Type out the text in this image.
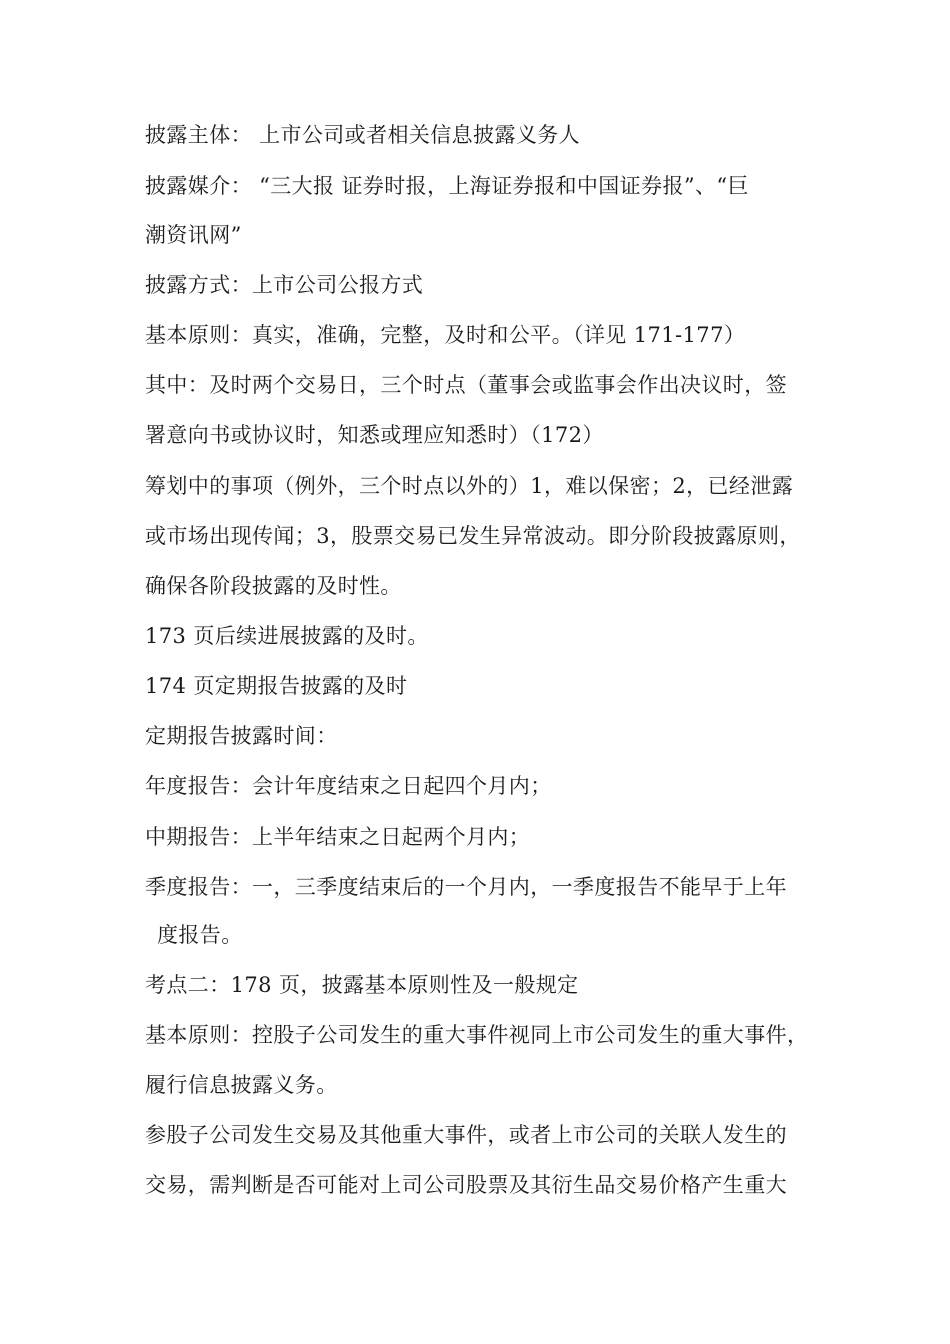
披露主体： 上市公司或者相关信息披露义务人
披露媒介： “三大报 证券时报，上海证券报和中国证券报”、“巨
潮资讯网”
披露方式：上市公司公报方式
基本原则：真实，准确，完整，及时和公平。（详见 171-177）
其中：及时两个交易日，三个时点（董事会或监事会作出决议时，签
署意向书或协议时，知悉或理应知悉时）（172）
筹划中的事项（例外，三个时点以外的）1，难以保密；2，已经泄露
或市场出现传闻；3，股票交易已发生异常波动。即分阶段披露原则，
确保各阶段披露的及时性。
173 页后续进展披露的及时。
174 页定期报告披露的及时
定期报告披露时间：
年度报告：会计年度结束之日起四个月内；
中期报告：上半年结束之日起两个月内；
季度报告：一，三季度结束后的一个月内，一季度报告不能早于上年
度报告。
考点二：178 页，披露基本原则性及一般规定
基本原则：控股子公司发生的重大事件视同上市公司发生的重大事件，
履行信息披露义务。
参股子公司发生交易及其他重大事件，或者上市公司的关联人发生的
交易，需判断是否可能对上司公司股票及其衍生品交易价格产生重大
